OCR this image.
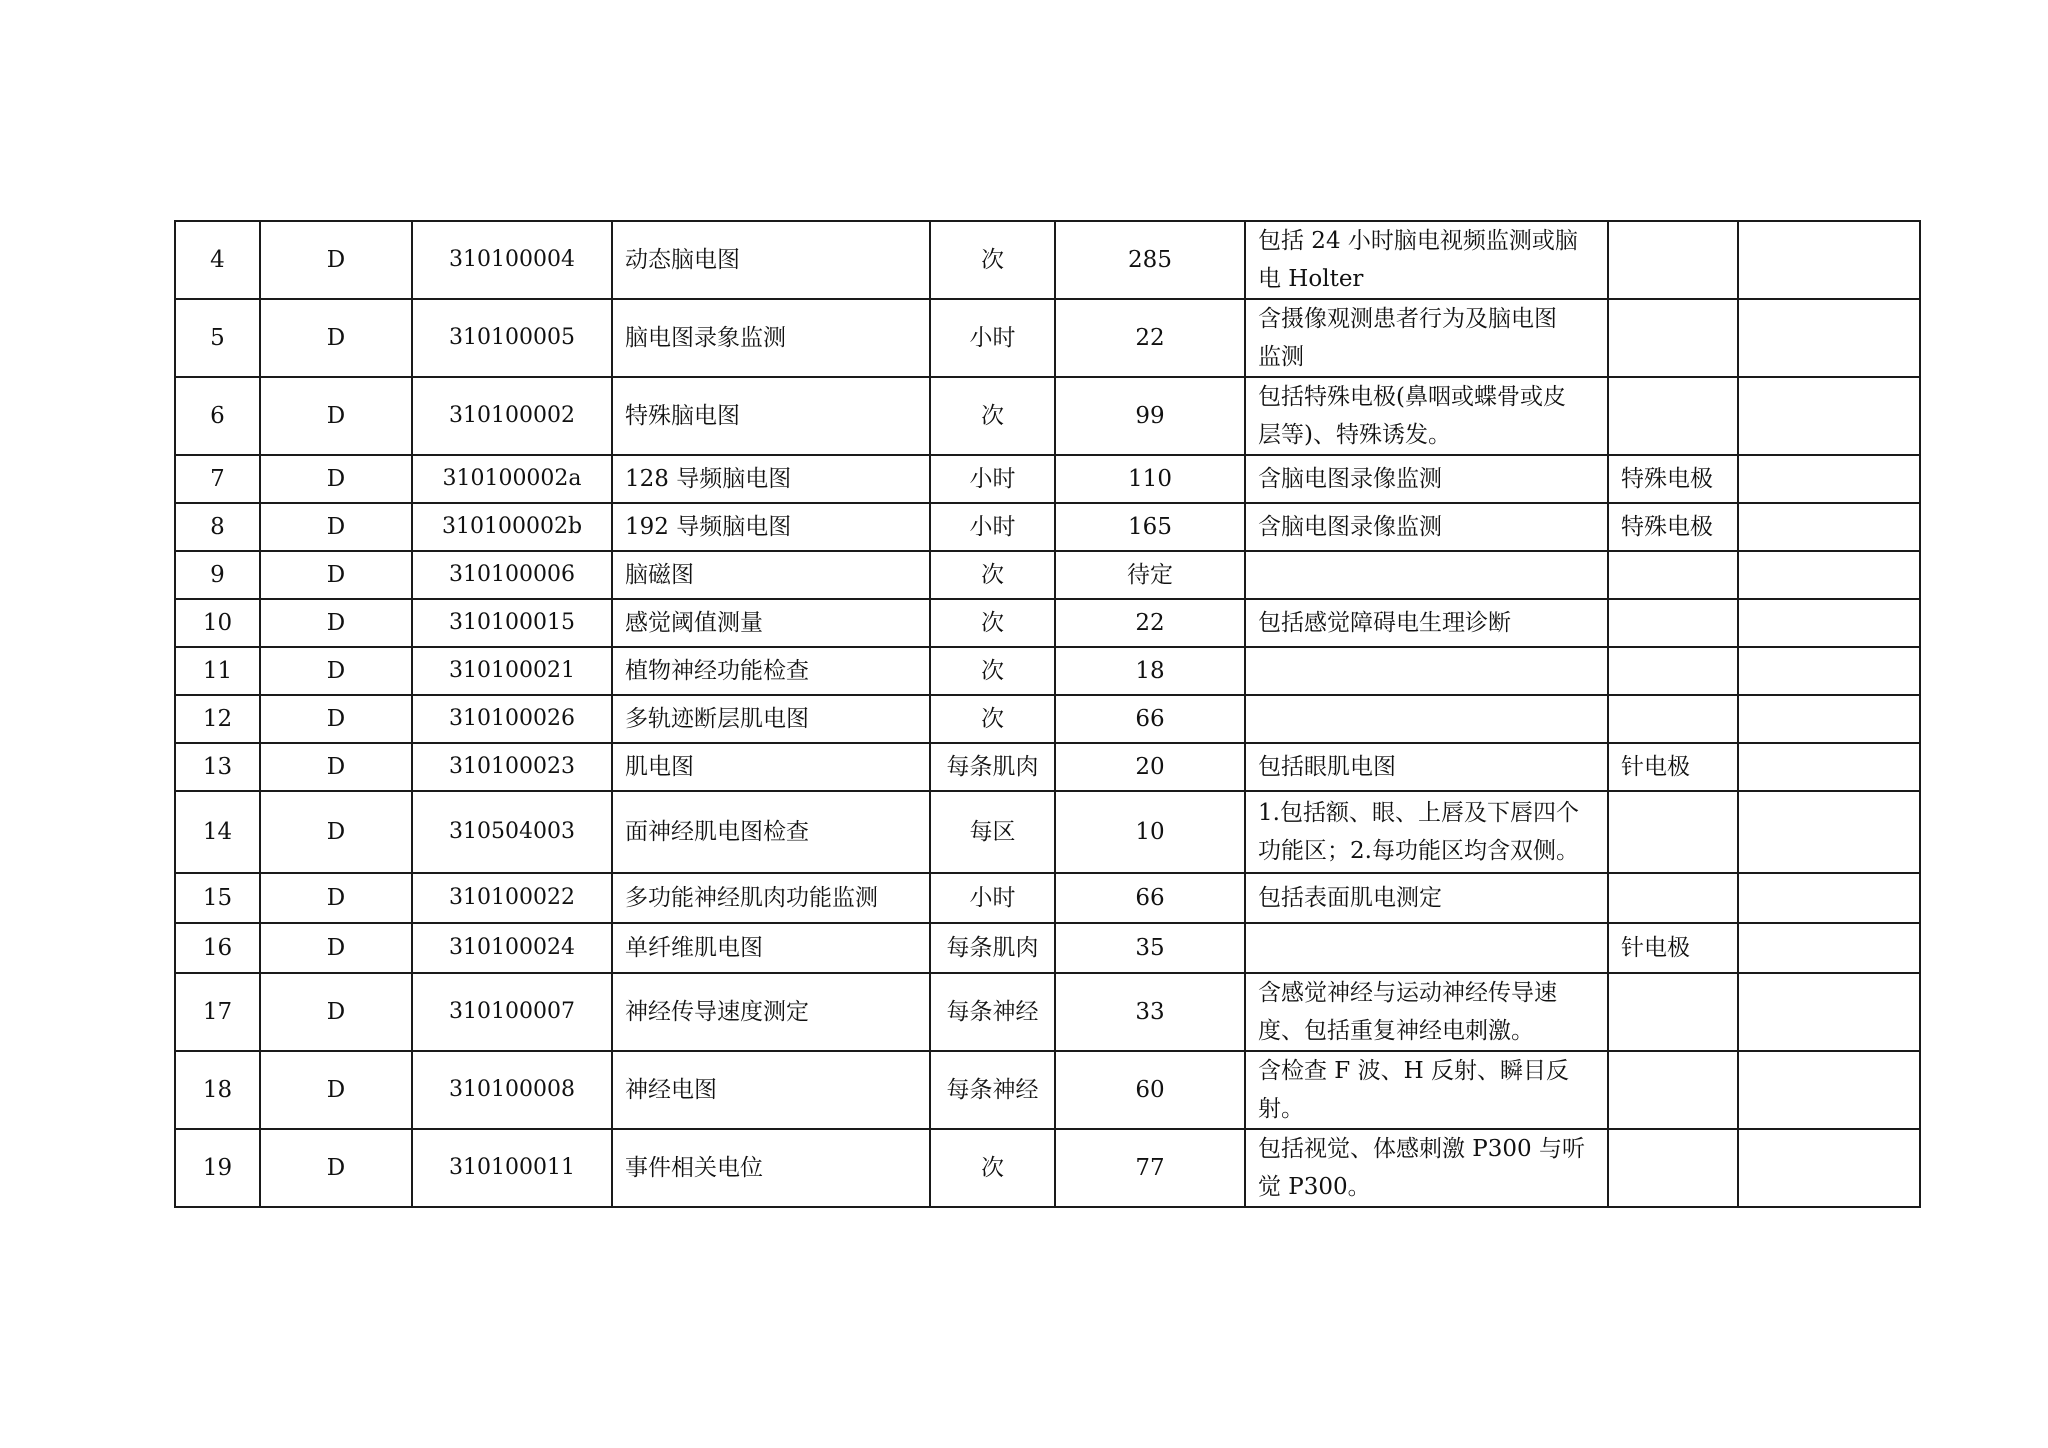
4	D	310100004	动态脑电图	次	285	包括 24 小时脑电视频监测或脑
电 Holter		
5	D	310100005	脑电图录象监测	小时	22	含摄像观测患者行为及脑电图
监测		
6	D	310100002	特殊脑电图	次	99	包括特殊电极(鼻咽或蝶骨或皮
层等)、特殊诱发。		
7	D	310100002a	128 导频脑电图	小时	110	含脑电图录像监测	特殊电极	
8	D	310100002b	192 导频脑电图	小时	165	含脑电图录像监测	特殊电极	
9	D	310100006	脑磁图	次	待定			
10	D	310100015	感觉阈值测量	次	22	包括感觉障碍电生理诊断		
11	D	310100021	植物神经功能检查	次	18			
12	D	310100026	多轨迹断层肌电图	次	66			
13	D	310100023	肌电图	每条肌肉	20	包括眼肌电图	针电极	
14	D	310504003	面神经肌电图检查	每区	10	1.包括额、眼、上唇及下唇四个
功能区；2.每功能区均含双侧。		
15	D	310100022	多功能神经肌肉功能监测	小时	66	包括表面肌电测定		
16	D	310100024	单纤维肌电图	每条肌肉	35		针电极	
17	D	310100007	神经传导速度测定	每条神经	33	含感觉神经与运动神经传导速
度、包括重复神经电刺激。		
18	D	310100008	神经电图	每条神经	60	含检查 F 波、H 反射、瞬目反射。		
19	D	310100011	事件相关电位	次	77	包括视觉、体感刺激 P300 与听
觉 P300。		
